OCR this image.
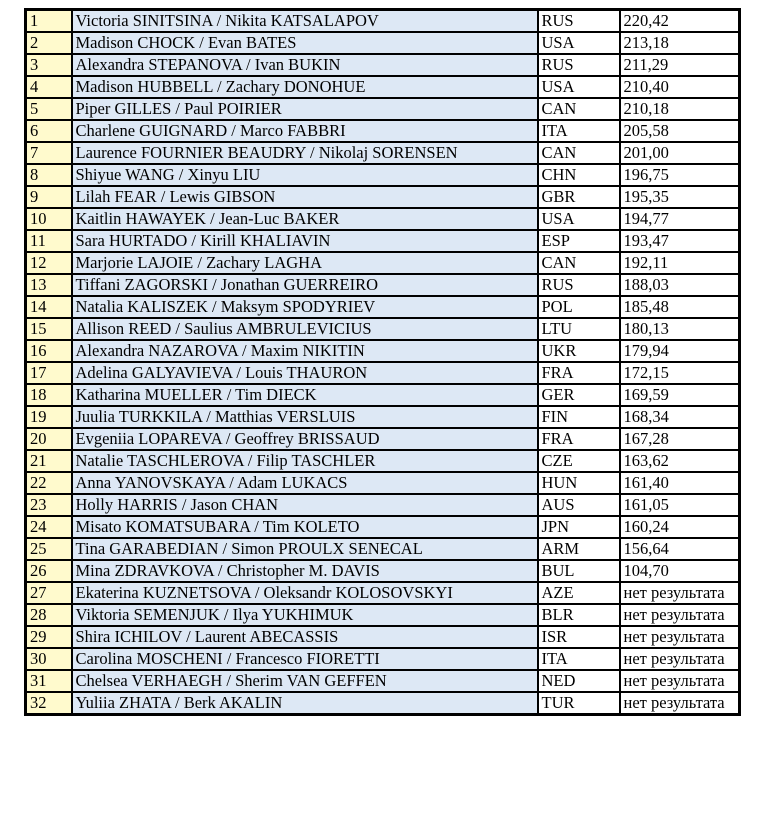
1	Victoria SINITSINA / Nikita KATSALAPOV	RUS	220,42
2	Madison CHOCK / Evan BATES	USA	213,18
3	Alexandra STEPANOVA / Ivan BUKIN	RUS	211,29
4	Madison HUBBELL / Zachary DONOHUE	USA	210,40
5	Piper GILLES / Paul POIRIER	CAN	210,18
6	Charlene GUIGNARD / Marco FABBRI	ITA	205,58
7	Laurence FOURNIER BEAUDRY / Nikolaj SORENSEN	CAN	201,00
8	Shiyue WANG / Xinyu LIU	CHN	196,75
9	Lilah FEAR / Lewis GIBSON	GBR	195,35
10	Kaitlin HAWAYEK / Jean-Luc BAKER	USA	194,77
11	Sara HURTADO / Kirill KHALIAVIN	ESP	193,47
12	Marjorie LAJOIE / Zachary LAGHA	CAN	192,11
13	Tiffani ZAGORSKI / Jonathan GUERREIRO	RUS	188,03
14	Natalia KALISZEK / Maksym SPODYRIEV	POL	185,48
15	Allison REED / Saulius AMBRULEVICIUS	LTU	180,13
16	Alexandra NAZAROVA / Maxim NIKITIN	UKR	179,94
17	Adelina GALYAVIEVA / Louis THAURON	FRA	172,15
18	Katharina MUELLER / Tim DIECK	GER	169,59
19	Juulia TURKKILA / Matthias VERSLUIS	FIN	168,34
20	Evgeniia LOPAREVA / Geoffrey BRISSAUD	FRA	167,28
21	Natalie TASCHLEROVA / Filip TASCHLER	CZE	163,62
22	Anna YANOVSKAYA / Adam LUKACS	HUN	161,40
23	Holly HARRIS / Jason CHAN	AUS	161,05
24	Misato KOMATSUBARA / Tim KOLETO	JPN	160,24
25	Tina GARABEDIAN / Simon PROULX SENECAL	ARM	156,64
26	Mina ZDRAVKOVA / Christopher M. DAVIS	BUL	104,70
27	Ekaterina KUZNETSOVA / Oleksandr KOLOSOVSKYI	AZE	нет результата
28	Viktoria SEMENJUK / Ilya YUKHIMUK	BLR	нет результата
29	Shira ICHILOV / Laurent ABECASSIS	ISR	нет результата
30	Carolina MOSCHENI / Francesco FIORETTI	ITA	нет результата
31	Chelsea VERHAEGH / Sherim VAN GEFFEN	NED	нет результата
32	Yuliia ZHATA / Berk AKALIN	TUR	нет результата
